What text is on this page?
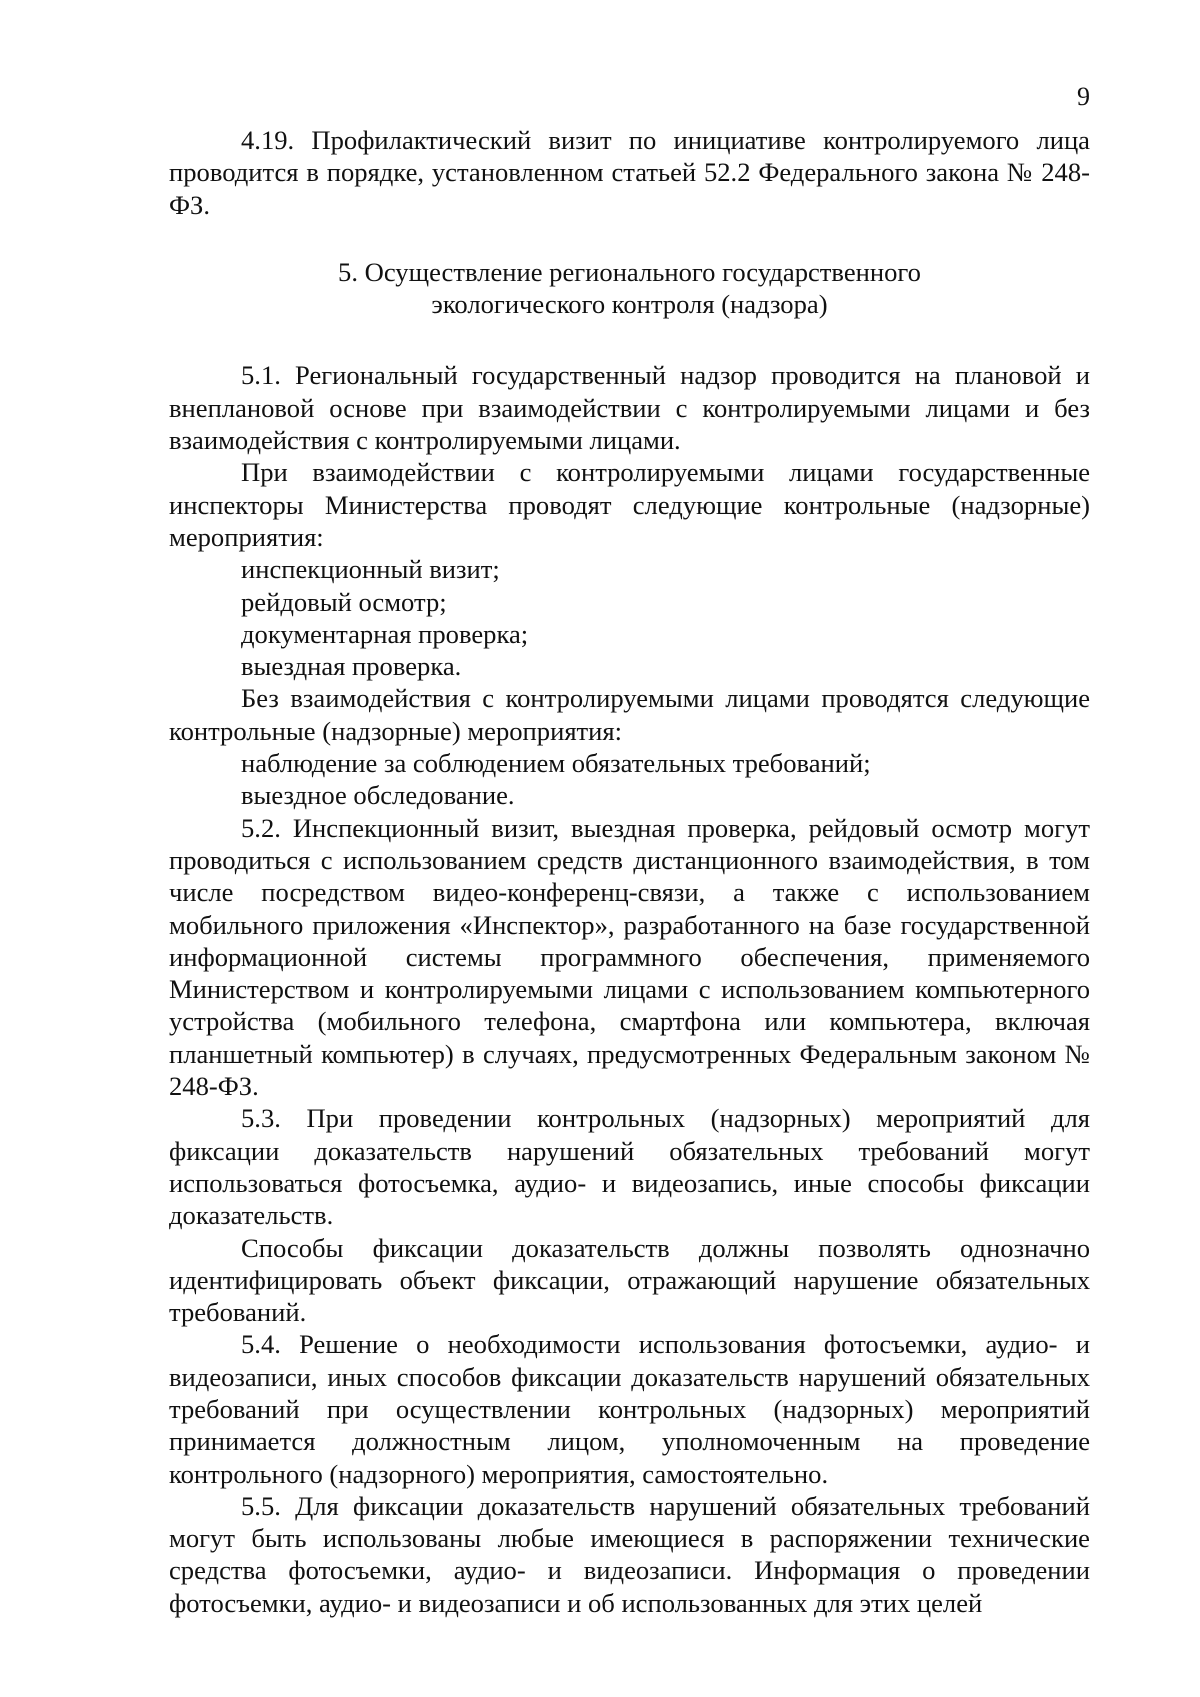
9

4.19. Профилактический визит по инициативе контролируемого лица проводится в порядке, установленном статьей 52.2 Федерального закона № 248-ФЗ.

5. Осуществление регионального государственного
экологического контроля (надзора)

5.1. Региональный государственный надзор проводится на плановой и внеплановой основе при взаимодействии с контролируемыми лицами и без взаимодействия с контролируемыми лицами.

При взаимодействии с контролируемыми лицами государственные инспекторы Министерства проводят следующие контрольные (надзорные) мероприятия:

инспекционный визит;

рейдовый осмотр;

документарная проверка;

выездная проверка.

Без взаимодействия с контролируемыми лицами проводятся следующие контрольные (надзорные) мероприятия:

наблюдение за соблюдением обязательных требований;

выездное обследование.

5.2. Инспекционный визит, выездная проверка, рейдовый осмотр могут проводиться с использованием средств дистанционного взаимодействия, в том числе посредством видео-конференц-связи, а также с использованием мобильного приложения «Инспектор», разработанного на базе государственной информационной системы программного обеспечения, применяемого Министерством и контролируемыми лицами с использованием компьютерного устройства (мобильного телефона, смартфона или компьютера, включая планшетный компьютер) в случаях, предусмотренных Федеральным законом № 248-ФЗ.

5.3. При проведении контрольных (надзорных) мероприятий для фиксации доказательств нарушений обязательных требований могут использоваться фотосъемка, аудио- и видеозапись, иные способы фиксации доказательств.

Способы фиксации доказательств должны позволять однозначно идентифицировать объект фиксации, отражающий нарушение обязательных требований.

5.4. Решение о необходимости использования фотосъемки, аудио- и видеозаписи, иных способов фиксации доказательств нарушений обязательных требований при осуществлении контрольных (надзорных) мероприятий принимается должностным лицом, уполномоченным на проведение контрольного (надзорного) мероприятия, самостоятельно.

5.5. Для фиксации доказательств нарушений обязательных требований могут быть использованы любые имеющиеся в распоряжении технические средства фотосъемки, аудио- и видеозаписи. Информация о проведении фотосъемки, аудио- и видеозаписи и об использованных для этих целей
